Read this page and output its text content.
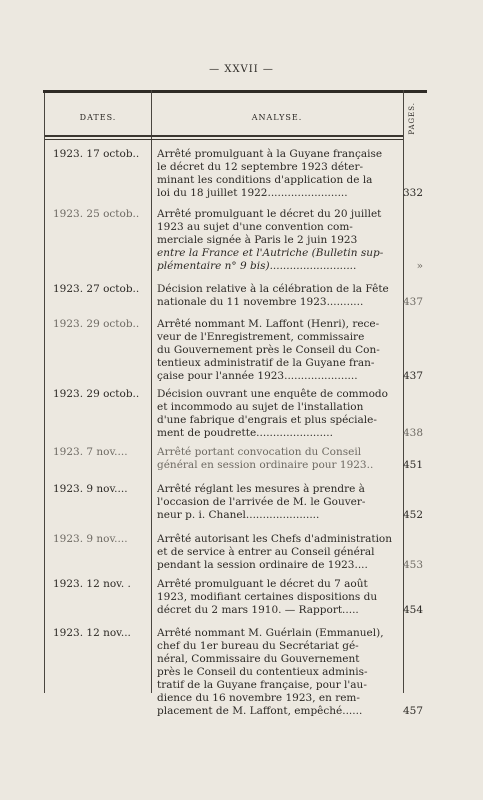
— XXVII —
DATES.	ANALYSE.	PAGES.
1923. 17 octob..	Arrêté promulguant à la Guyane française
le décret du 12 septembre 1923 déter-
minant les conditions d'application de la
loi du 18 juillet 1922........................	332
1923. 25 octob..	Arrêté promulguant le décret du 20 juillet
1923 au sujet d'une convention com-
merciale signée à Paris le 2 juin 1923
entre la France et l'Autriche (Bulletin sup-
plémentaire n° 9 bis)..........................	»
1923. 27 octob..	Décision relative à la célébration de la Fête
nationale du 11 novembre 1923...........	437
1923. 29 octob..	Arrêté nommant M. Laffont (Henri), rece-
veur de l'Enregistrement, commissaire
du Gouvernement près le Conseil du Con-
tentieux administratif de la Guyane fran-
çaise pour l'année 1923......................	437
1923. 29 octob..	Décision ouvrant une enquête de commodo
et incommodo au sujet de l'installation
d'une fabrique d'engrais et plus spéciale-
ment de poudrette.......................	438
1923. 7 nov....	Arrêté portant convocation du Conseil
général en session ordinaire pour 1923..	451
1923. 9 nov....	Arrêté réglant les mesures à prendre à
l'occasion de l'arrivée de M. le Gouver-
neur p. i. Chanel......................	452
1923. 9 nov....	Arrêté autorisant les Chefs d'administration
et de service à entrer au Conseil général
pendant la session ordinaire de 1923....	453
1923. 12 nov. .	Arrêté promulguant le décret du 7 août
1923, modifiant certaines dispositions du
décret du 2 mars 1910. — Rapport.....	454
1923. 12 nov...	Arrêté nommant M. Guérlain (Emmanuel),
chef du 1er bureau du Secrétariat gé-
néral, Commissaire du Gouvernement
près le Conseil du contentieux adminis-
tratif de la Guyane française, pour l'au-
dience du 16 novembre 1923, en rem-
placement de M. Laffont, empêché......	457
